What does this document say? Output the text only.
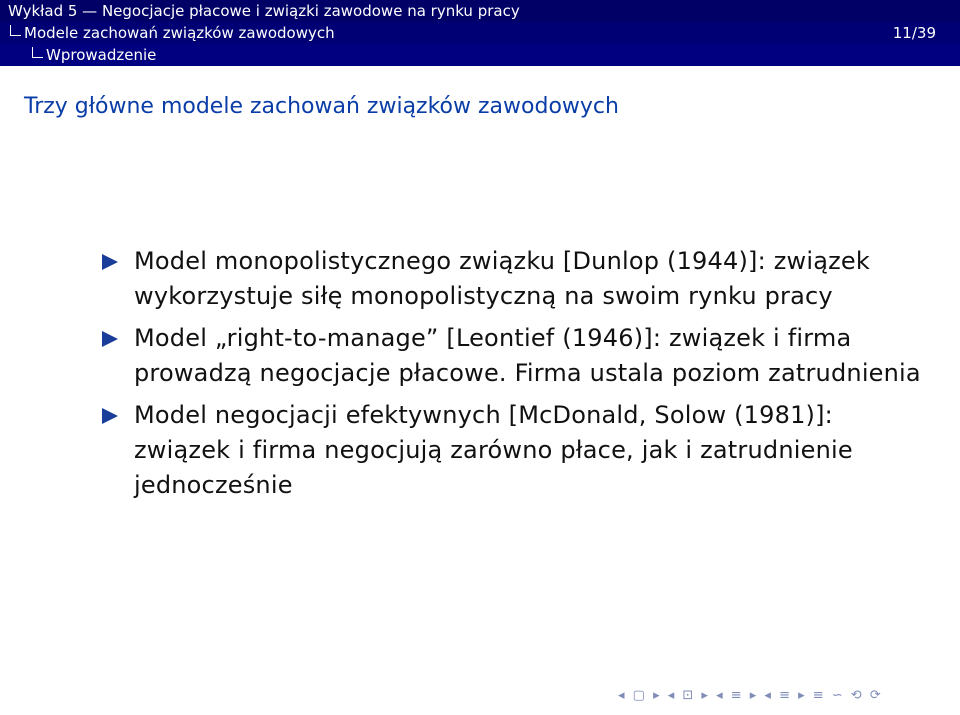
Wykład 5 — Negocjacje płacowe i związki zawodowe na rynku pracy
Modele zachowań związków zawodowych	11/39
Wprowadzenie
Trzy główne modele zachowań związków zawodowych
Model monopolistycznego związku [Dunlop (1944)]: związek wykorzystuje siłę monopolistyczną na swoim rynku pracy
Model „right-to-manage” [Leontief (1946)]: związek i firma prowadzą negocjacje płacowe. Firma ustala poziom zatrudnienia
Model negocjacji efektywnych [McDonald, Solow (1981)]: związek i firma negocjują zarówno płace, jak i zatrudnienie jednocześnie
◂ ▢ ▸ ◂ ⊡ ▸ ◂ ≡ ▸ ◂ ≡ ▸ ≡ ∽ ⟲ ⟳
